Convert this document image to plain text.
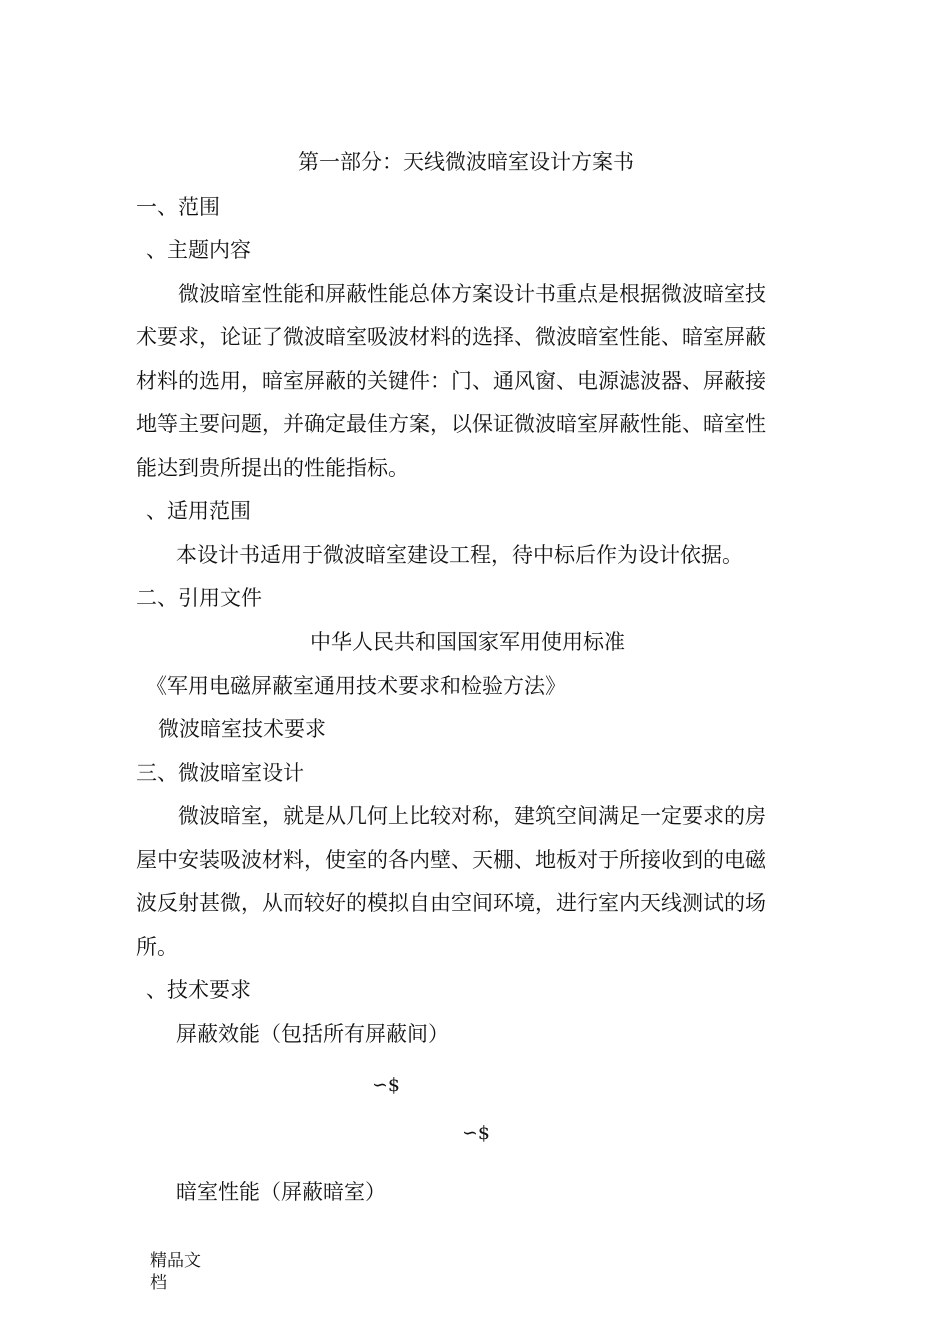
第一部分：天线微波暗室设计方案书
一、范围
、主题内容
微波暗室性能和屏蔽性能总体方案设计书重点是根据微波暗室技
术要求，论证了微波暗室吸波材料的选择、微波暗室性能、暗室屏蔽
材料的选用，暗室屏蔽的关键件：门、通风窗、电源滤波器、屏蔽接
地等主要问题，并确定最佳方案，以保证微波暗室屏蔽性能、暗室性
能达到贵所提出的性能指标。
、适用范围
本设计书适用于微波暗室建设工程，待中标后作为设计依据。
二、引用文件
中华人民共和国国家军用使用标准
《军用电磁屏蔽室通用技术要求和检验方法》
微波暗室技术要求
三、微波暗室设计
微波暗室，就是从几何上比较对称，建筑空间满足一定要求的房
屋中安装吸波材料，使室的各内壁、天棚、地板对于所接收到的电磁
波反射甚微，从而较好的模拟自由空间环境，进行室内天线测试的场
所。
、技术要求
屏蔽效能（包括所有屏蔽间）
∽$
∽$
暗室性能（屏蔽暗室）
精品文
档
